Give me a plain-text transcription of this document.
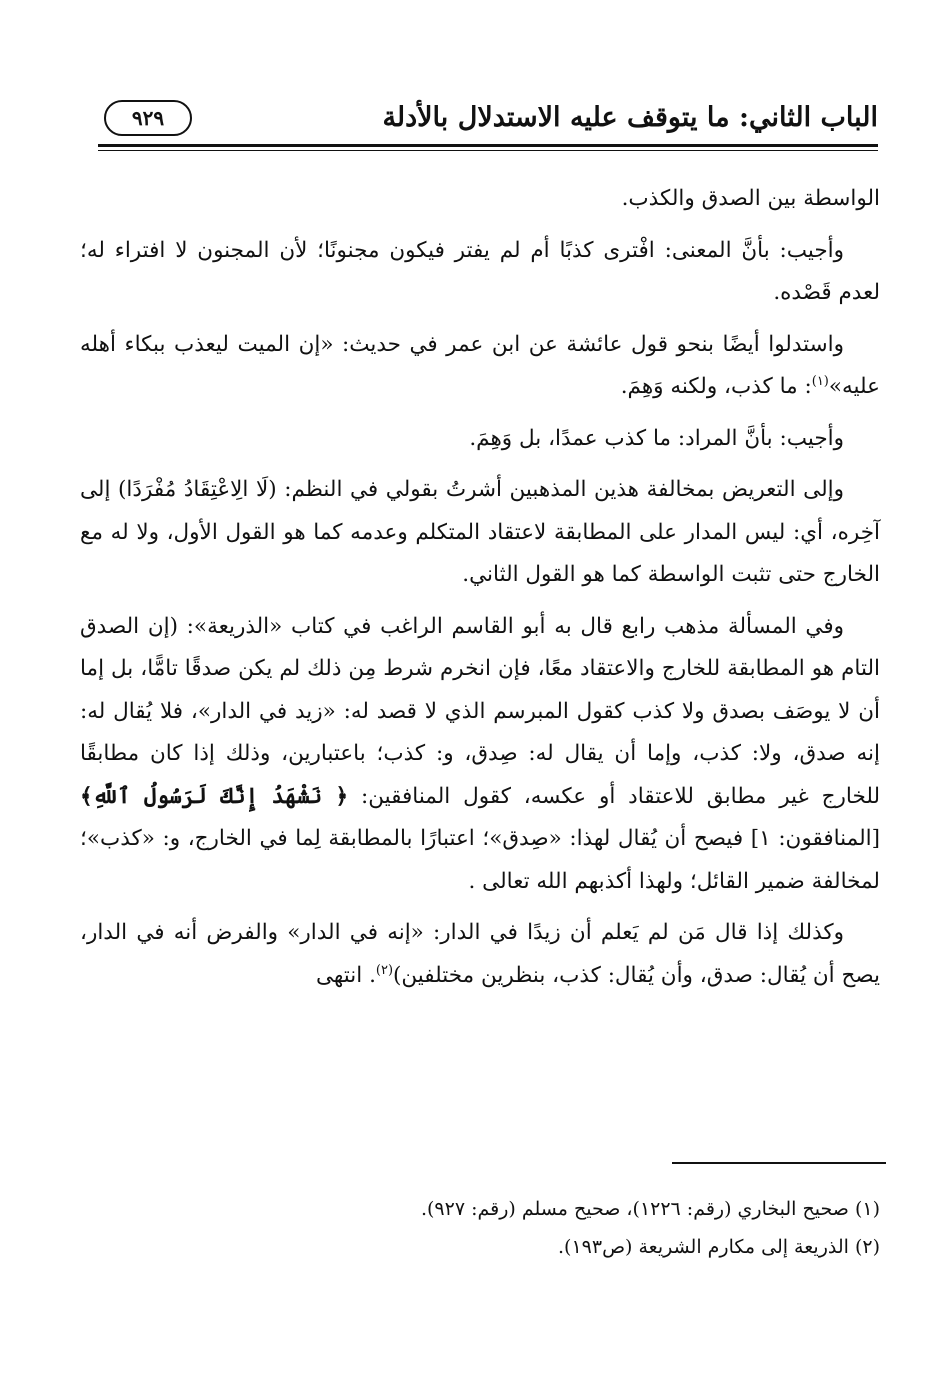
الباب الثاني: ما يتوقف عليه الاستدلال بالأدلة
٩٢٩

الواسطة بين الصدق والكذب.

وأجيب: بأنَّ المعنى: افْترى كذبًا أم لم يفتر فيكون مجنونًا؛ لأن المجنون لا افتراء له؛ لعدم قَصْده.

واستدلوا أيضًا بنحو قول عائشة عن ابن عمر في حديث: «إن الميت ليعذب ببكاء أهله عليه»$^{(١)}$: ما كذب، ولكنه وَهِمَ.

وأجيب: بأنَّ المراد: ما كذب عمدًا، بل وَهِمَ.

وإلى التعريض بمخالفة هذين المذهبين أشرتُ بقولي في النظم: (لَا الِاعْتِقَادُ مُفْرَدًا) إلى آخِره، أي: ليس المدار على المطابقة لاعتقاد المتكلم وعدمه كما هو القول الأول، ولا له مع الخارج حتى تثبت الواسطة كما هو القول الثاني.

وفي المسألة مذهب رابع قال به أبو القاسم الراغب في كتاب «الذريعة»: (إن الصدق التام هو المطابقة للخارج والاعتقاد معًا، فإن انخرم شرط مِن ذلك لم يكن صدقًا تامًّا، بل إما أن لا يوصَف بصدق ولا كذب كقول المبرسم الذي لا قصد له: «زيد في الدار»، فلا يُقال له: إنه صدق، ولا: كذب، وإما أن يقال له: صِدق، و: كذب؛ باعتبارين، وذلك إذا كان مطابقًا للخارج غير مطابق للاعتقاد أو عكسه، كقول المنافقين: ﴿ نَشْهَدُ إِنَّكَ لَرَسُولُ ٱللَّهِ﴾ [المنافقون: ١] فيصح أن يُقال لهذا: «صِدق»؛ اعتبارًا بالمطابقة لِما في الخارج، و: «كذب»؛ لمخالفة ضمير القائل؛ ولهذا أكذبهم الله تعالى .

وكذلك إذا قال مَن لم يَعلم أن زيدًا في الدار: «إنه في الدار» والفرض أنه في الدار، يصح أن يُقال: صدق، وأن يُقال: كذب، بنظرين مختلفين)$^{(٢)}$. انتهى

(١) صحيح البخاري (رقم: ١٢٢٦)، صحيح مسلم (رقم: ٩٢٧).

(٢) الذريعة إلى مكارم الشريعة (ص١٩٣).
